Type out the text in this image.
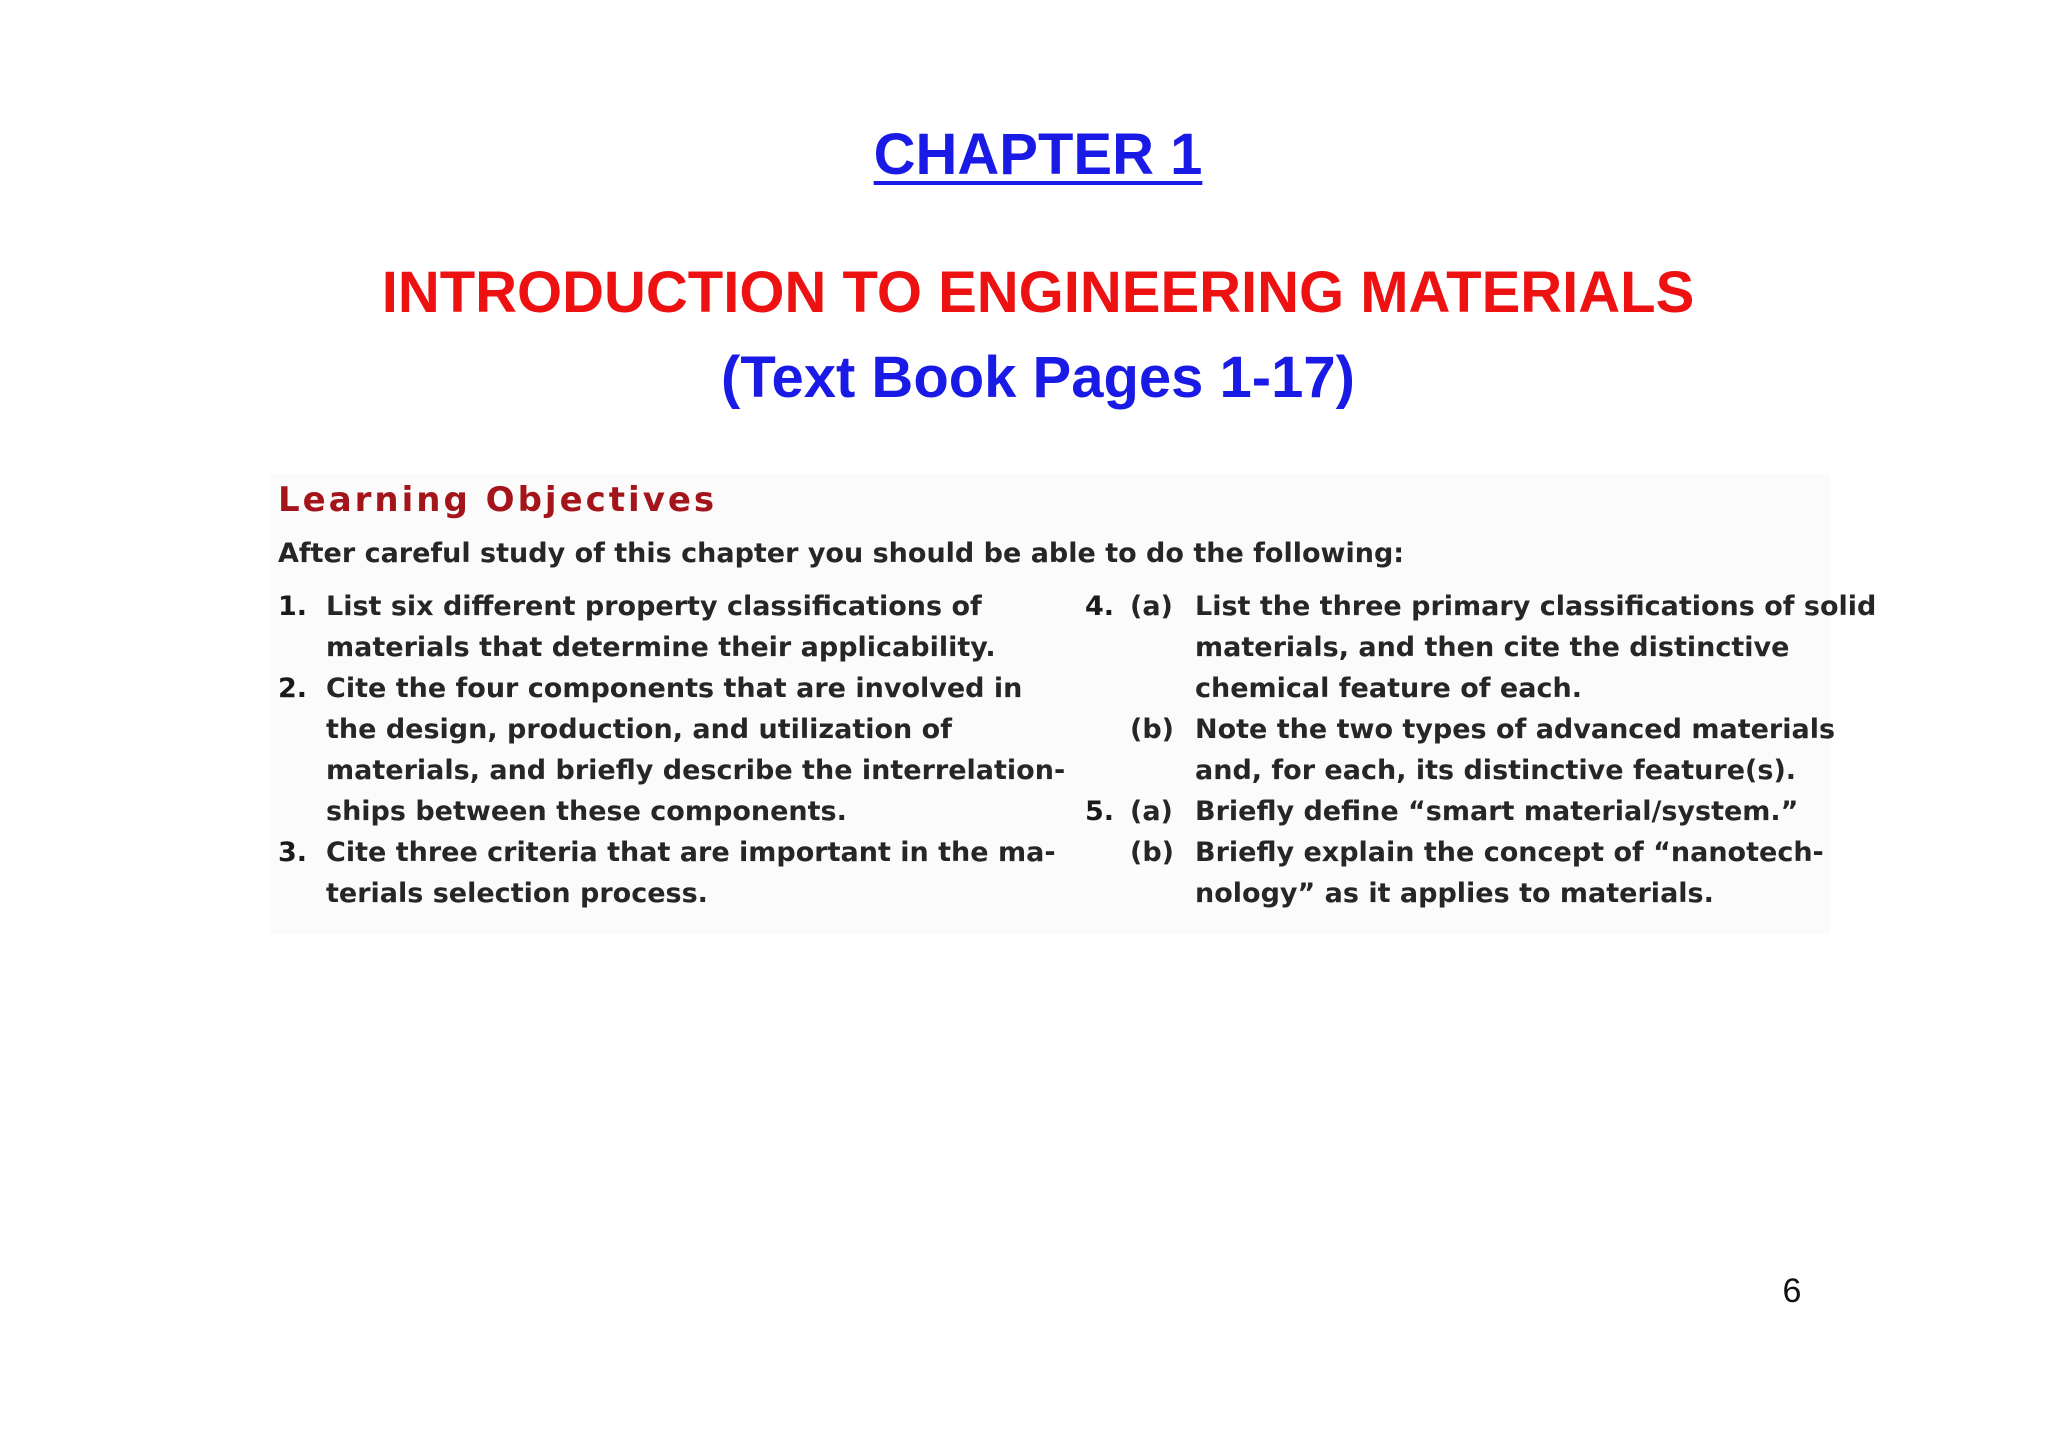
CHAPTER 1
INTRODUCTION TO ENGINEERING MATERIALS
(Text Book Pages 1-17)
Learning Objectives

After careful study of this chapter you should be able to do the following:

1. List six different property classifications of
materials that determine their applicability.
2. Cite the four components that are involved in
the design, production, and utilization of
materials, and briefly describe the interrelation-
ships between these components.
3. Cite three criteria that are important in the ma-
terials selection process.
4. (a) List the three primary classifications of solid
materials, and then cite the distinctive
chemical feature of each.
(b) Note the two types of advanced materials
and, for each, its distinctive feature(s).
5. (a) Briefly define “smart material/system.”
(b) Briefly explain the concept of “nanotech-
nology” as it applies to materials.
6
